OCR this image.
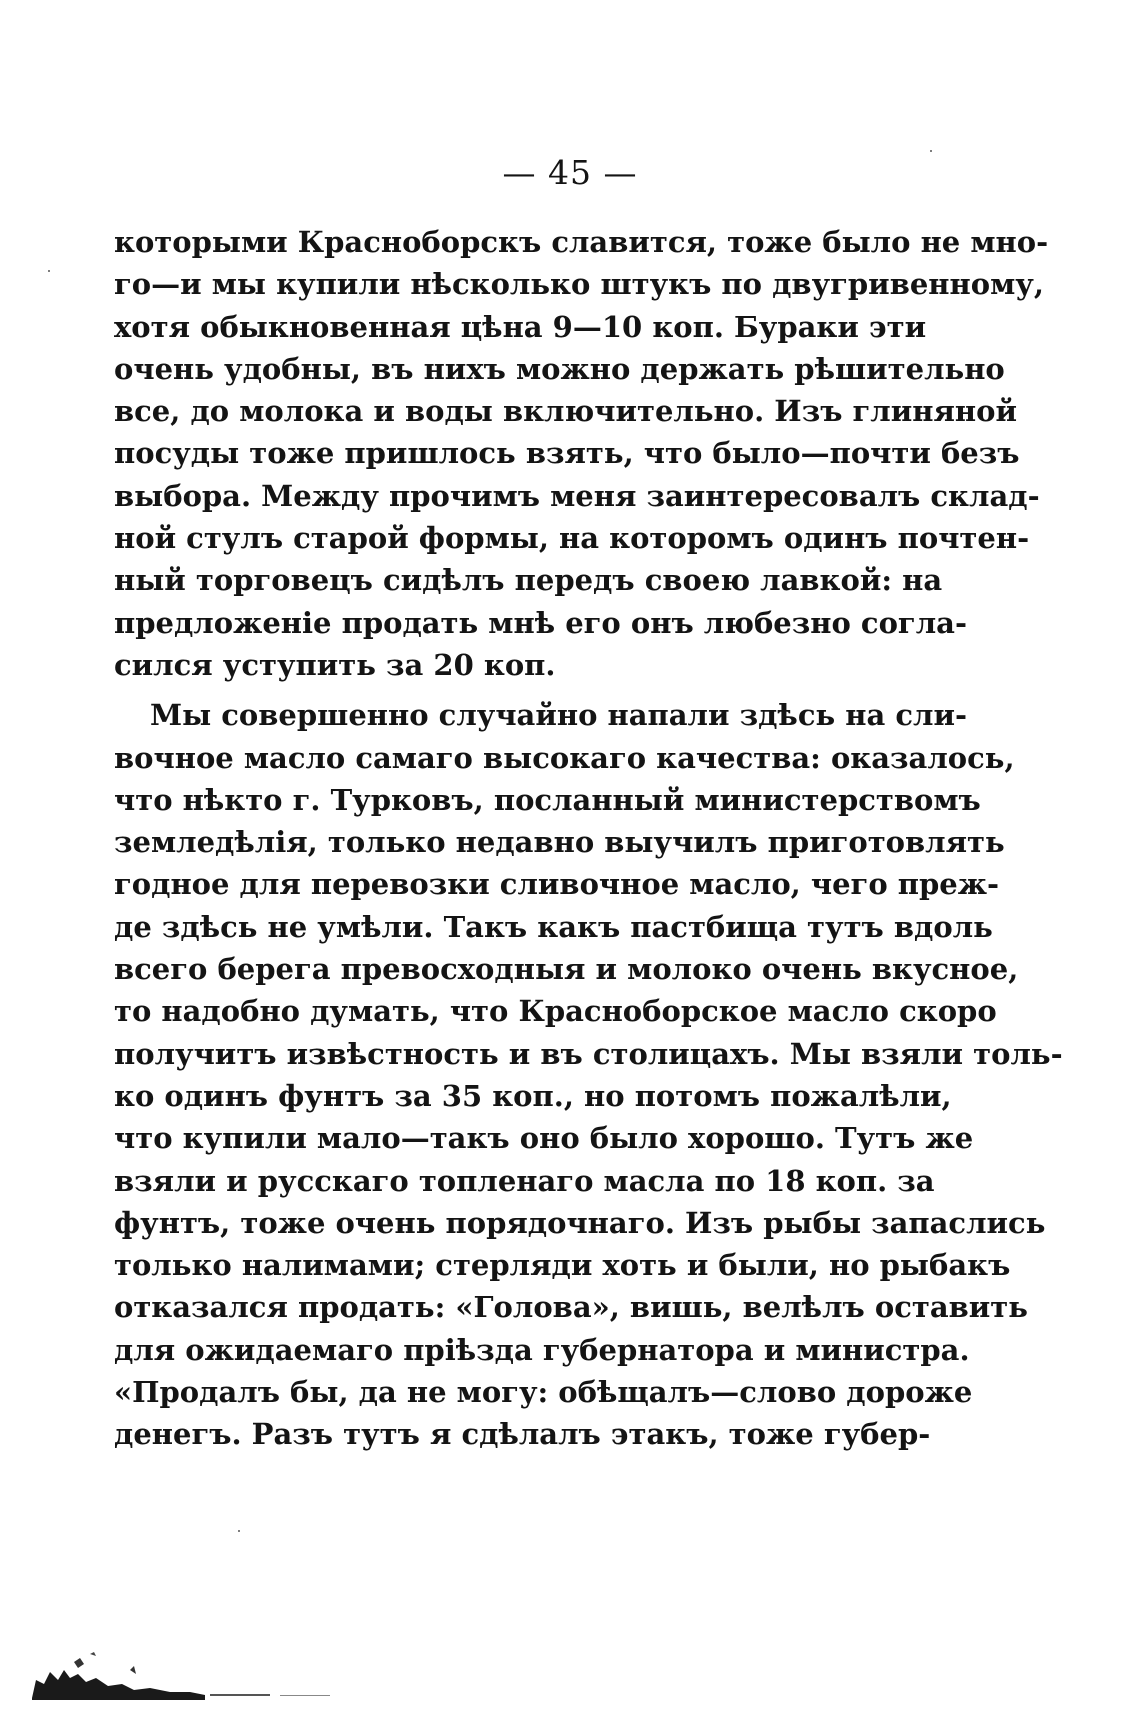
— 45 —
которыми Красноборскъ славится, тоже было не мно-
го—и мы купили нѣсколько штукъ по двугривенному,
хотя обыкновенная цѣна 9—10 коп. Бураки эти
очень удобны, въ нихъ можно держать рѣшительно
все, до молока и воды включительно. Изъ глиняной
посуды тоже пришлось взять, что было—почти безъ
выбора. Между прочимъ меня заинтересовалъ склад-
ной стулъ старой формы, на которомъ одинъ почтен-
ный торговецъ сидѣлъ передъ своею лавкой: на
предложеніе продать мнѣ его онъ любезно согла-
сился уступить за 20 коп.
Мы совершенно случайно напали здѣсь на сли-
вочное масло самаго высокаго качества: оказалось,
что нѣкто г. Турковъ, посланный министерствомъ
земледѣлія, только недавно выучилъ приготовлять
годное для перевозки сливочное масло, чего преж-
де здѣсь не умѣли. Такъ какъ пастбища тутъ вдоль
всего берега превосходныя и молоко очень вкусное,
то надобно думать, что Красноборское масло скоро
получитъ извѣстность и въ столицахъ. Мы взяли толь-
ко одинъ фунтъ за 35 коп., но потомъ пожалѣли,
что купили мало—такъ оно было хорошо. Тутъ же
взяли и русскаго топленаго масла по 18 коп. за
фунтъ, тоже очень порядочнаго. Изъ рыбы запаслись
только налимами; стерляди хоть и были, но рыбакъ
отказался продать: «Голова», вишь, велѣлъ оставить
для ожидаемаго пріѣзда губернатора и министра.
«Продалъ бы, да не могу: обѣщалъ—слово дороже
денегъ. Разъ тутъ я сдѣлалъ этакъ, тоже губер-
